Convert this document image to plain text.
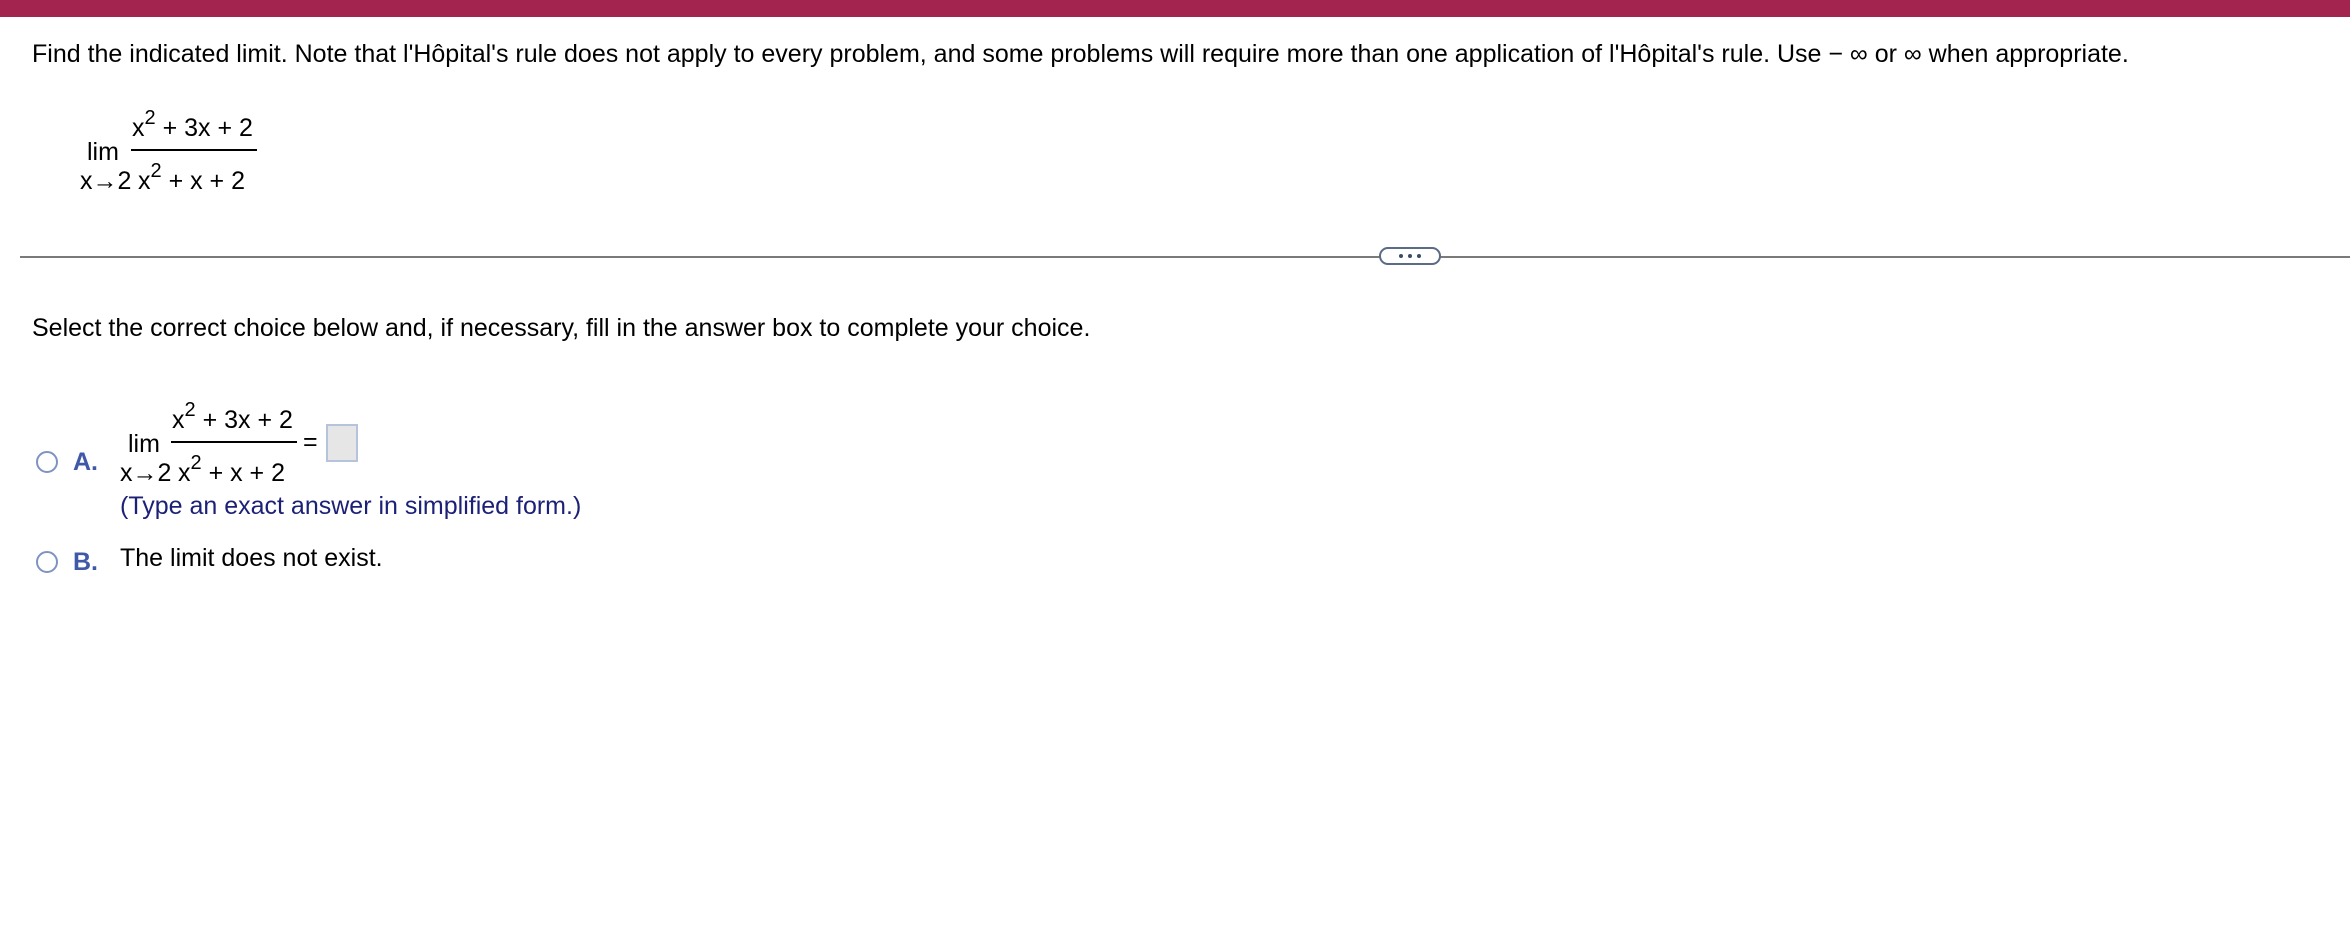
Find the indicated limit. Note that l'Hôpital's rule does not apply to every problem, and some problems will require more than one application of l'Hôpital's rule. Use − ∞ or ∞ when appropriate.
lim
x→2
$x^2 + 3x + 2$
$x^2 + x + 2$
Select the correct choice below and, if necessary, fill in the answer box to complete your choice.
A.
lim
x→2
$x^2 + 3x + 2$
$x^2 + x + 2$
=
(Type an exact answer in simplified form.)
B. The limit does not exist.
